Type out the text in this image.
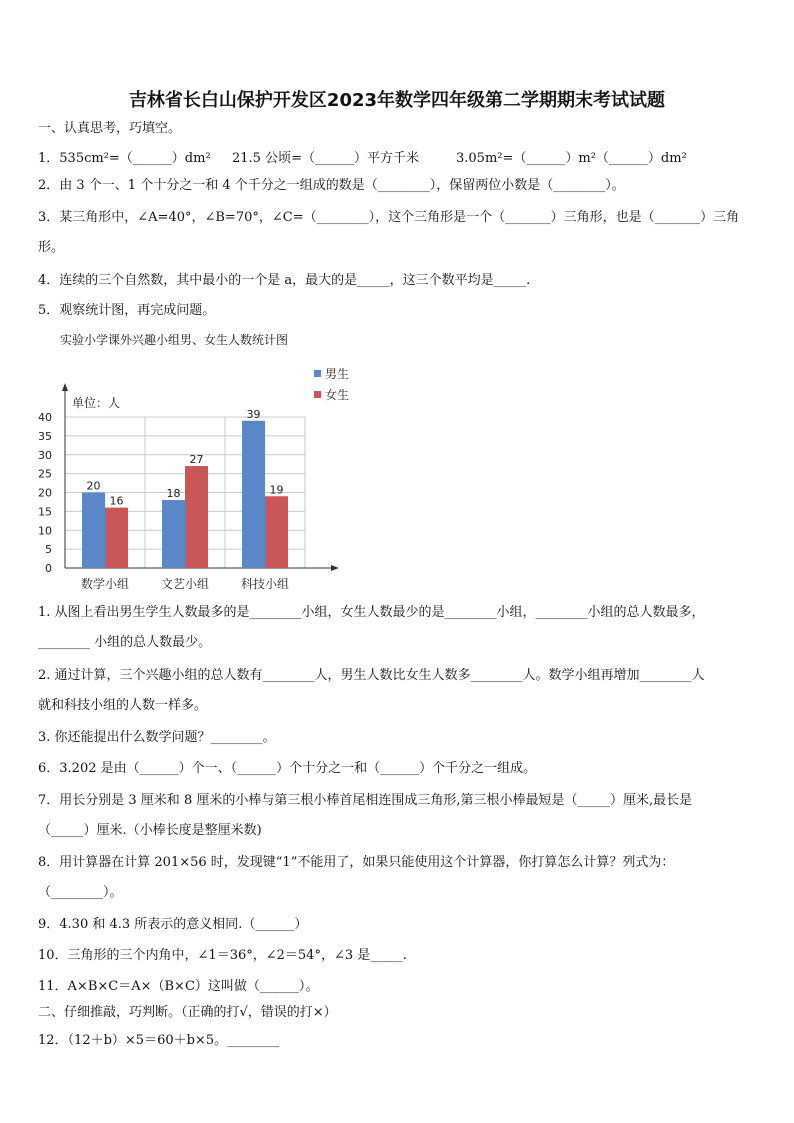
吉林省长白山保护开发区2023年数学四年级第二学期期末考试试题
一、认真思考，巧填空。
1．535cm²=（______）dm² 21.5 公顷=（______）平方千米	3.05m²=（______）m²（______）dm²
2．由 3 个一、1 个十分之一和 4 个千分之一组成的数是（________），保留两位小数是（________）。
3．某三角形中，∠A=40°，∠B=70°，∠C=（________），这个三角形是一个（_______）三角形，也是（_______）三角
形。
4．连续的三个自然数，其中最小的一个是 a，最大的是_____，这三个数平均是_____.
5．观察统计图，再完成问题。
实验小学课外兴趣小组男、女生人数统计图
0
5
10
15
20
25
30
35
40
单位：人
20
16
数学小组
18
27
文艺小组
39
19
科技小组
男生
女生
1. 从图上看出男生学生人数最多的是________小组，女生人数最少的是________小组，________小组的总人数最多，
________ 小组的总人数最少。
2. 通过计算，三个兴趣小组的总人数有________人，男生人数比女生人数多________人。数学小组再增加________人
就和科技小组的人数一样多。
3. 你还能提出什么数学问题？________。
6．3.202 是由（______）个一、（______）个十分之一和（______）个千分之一组成。
7．用长分别是 3 厘米和 8 厘米的小棒与第三根小棒首尾相连围成三角形,第三根小棒最短是（_____）厘米,最长是
（_____）厘米.（小棒长度是整厘米数)
8．用计算器在计算 201×56 时，发现键“1”不能用了，如果只能使用这个计算器，你打算怎么计算？列式为：
（________）。
9．4.30 和 4.3 所表示的意义相同.（______）
10．三角形的三个内角中，∠1＝36°，∠2＝54°，∠3 是_____.
11．A×B×C＝A×（B×C）这叫做（______）。
二、仔细推敲，巧判断。（正确的打√，错误的打×）
12．（12＋b）×5＝60＋b×5。________
